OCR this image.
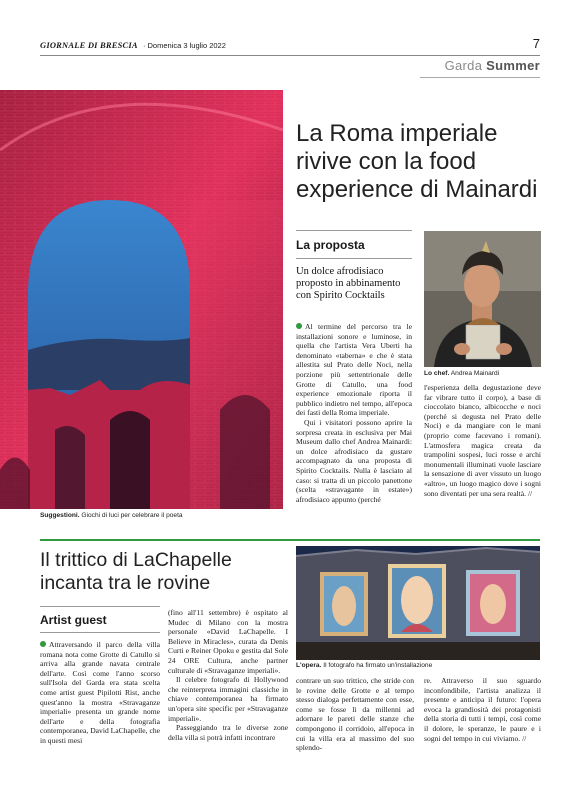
GIORNALE DI BRESCIA · Domenica 3 luglio 2022	7
Garda Summer
Suggestioni. Giochi di luci per celebrare il poeta
La Roma imperiale rivive con la food experience di Mainardi
La proposta
Un dolce afrodisiaco proposto in abbinamento con Spirito Cocktails

Al termine del percorso tra le installazioni sonore e luminose, in quella che l'artista Vera Uberti ha denominato «taberna» e che è stata allestita sul Prato delle Noci, nella porzione più settentrionale delle Grotte di Catullo, una food experience emozionale riporta il pubblico indietro nel tempo, all'epoca dei fasti della Roma imperiale.

Qui i visitatori possono aprire la sorpresa creata in esclusiva per Mai Museum dallo chef Andrea Mainardi: un dolce afrodisiaco da gustare accompagnato da una proposta di Spirito Cocktails. Nulla è lasciato al caso: si tratta di un piccolo panettone (scelta «stravagante in estate») afrodisiaco appunto (perché

Lo chef. Andrea Mainardi
l'esperienza della degustazione deve far vibrare tutto il corpo), a base di cioccolato bianco, albicocche e noci (perché si degusta nel Prato delle Noci) e da mangiare con le mani (proprio come facevano i romani). L'atmosfera magica creata da trampolini sospesi, luci rosse e archi monumentali illuminati vuole lasciare la sensazione di aver vissuto un luogo «altro», un luogo magico dove i sogni sono diventati per una sera realtà. //
Il trittico di LaChapelle incanta tra le rovine
Artist guest

Attraversando il parco della villa romana nota come Grotte di Catullo si arriva alla grande navata centrale dell'arte. Così come l'anno scorso sull'Isola del Garda era stata scelta come artist guest Pipilotti Rist, anche quest'anno la mostra «Stravaganze imperiali» presenta un grande nome dell'arte e della fotografia contemporanea, David LaChapelle, che in questi mesi

(fino all'11 settembre) è ospitato al Mudec di Milano con la mostra personale «David LaChapelle. I Believe in Miracles», curata da Denis Curti e Reiner Opoku e gestita dal Sole 24 ORE Cultura, anche partner culturale di «Stravaganze imperiali».

Il celebre fotografo di Hollywood che reinterpreta immagini classiche in chiave contemporanea ha firmato un'opera site specific per «Stravaganze imperiali».

Passeggiando tra le diverse zone della villa si potrà infatti incontrare

L'opera. Il fotografo ha firmato un'installazione
contrare un suo trittico, che stride con le rovine delle Grotte e al tempo stesso dialoga perfettamente con esse, come se fosse lì da millenni ad adornare le pareti delle stanze che compongono il corridoio, all'epoca in cui la villa era al massimo del suo splendo-
re. Attraverso il suo sguardo inconfondibile, l'artista analizza il presente e anticipa il futuro: l'opera evoca la grandiosità dei protagonisti della storia di tutti i tempi, così come il dolore, le speranze, le paure e i sogni del tempo in cui viviamo. //
